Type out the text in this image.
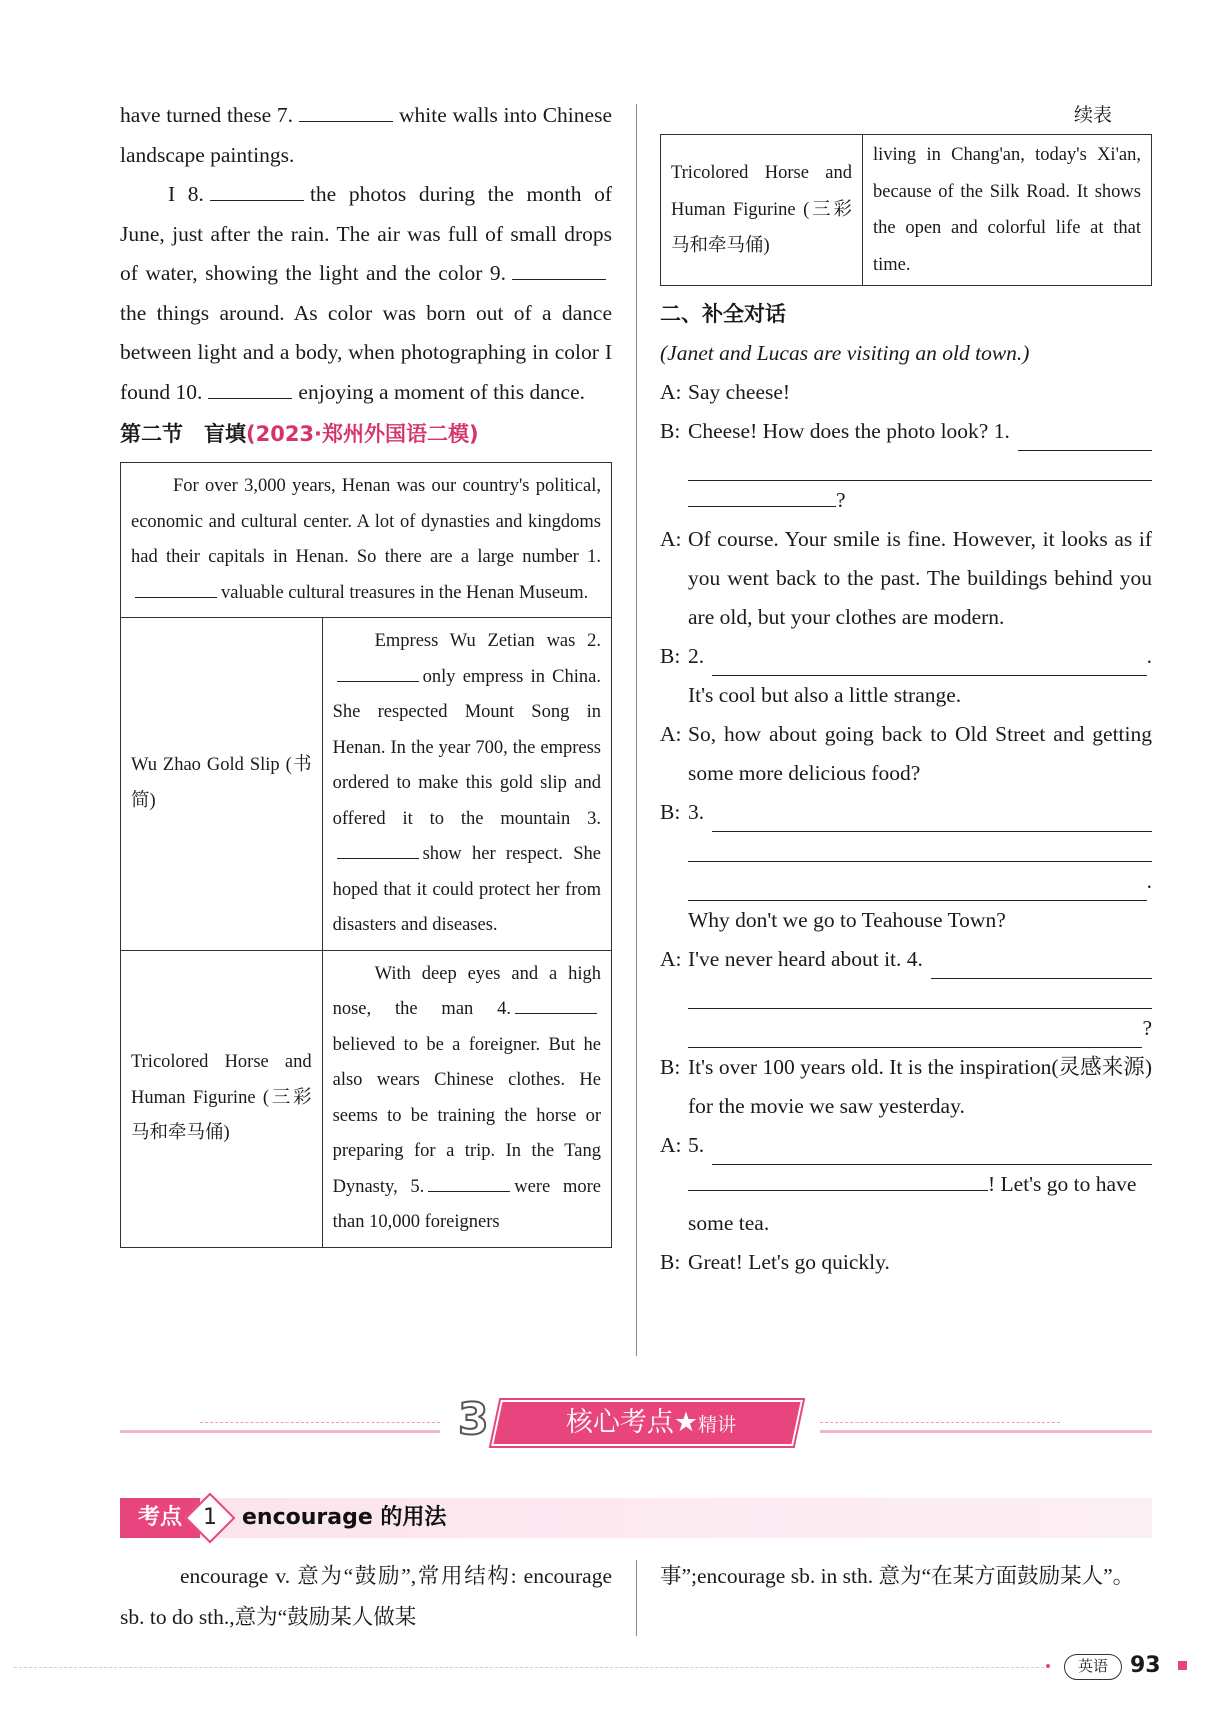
have turned these 7.	white walls into Chinese landscape paintings.

I 8.	the photos during the month of June, just after the rain. The air was full of small drops of water, showing the light and the color 9.the things around. As color was born out of a dance between light and a body, when photographing in color I found 10.	enjoying a moment of this dance.

第二节　盲填(2023·郑州外国语二模)
For over 3,000 years, Henan was our country's political, economic and cultural center. A lot of dynasties and kingdoms had their capitals in Henan. So there are a large number 1.valuable cultural treasures in the Henan Museum.	
Wu Zhao Gold Slip (书简)	Empress Wu Zetian was 2.only empress in China. She respected Mount Song in Henan. In the year 700, the empress ordered to make this gold slip and offered it to the mountain 3.show her respect. She hoped that it could protect her from disasters and diseases.
Tricolored Horse and Human Figurine (三彩马和牵马俑)	With deep eyes and a high nose, the man 4.believed to be a foreigner. But he also wears Chinese clothes. He seems to be training the horse or preparing for a trip. In the Tang Dynasty, 5. were more than 10,000 foreigners
续表
Tricolored Horse and Human Figurine (三彩马和牵马俑)	living in Chang'an, today's Xi'an, because of the Silk Road. It shows the open and colorful life at that time.
二、补全对话
(Janet and Lucas are visiting an old town.)
A: Say cheese!
B: Cheese! How does the photo look? 1.
?
A: Of course. Your smile is fine. However, it looks as if you went back to the past. The buildings behind you are old, but your clothes are modern.
B: 2.	.
It's cool but also a little strange.
A: So, how about going back to Old Street and getting some more delicious food?
B: 3.
.
Why don't we go to Teahouse Town?
A: I've never heard about it. 4.
?
B: It's over 100 years old. It is the inspiration(灵感来源) for the movie we saw yesterday.
A: 5.
! Let's go to have some tea.
B: Great! Let's go quickly.
3	核心考点★精讲
考点 1	encourage 的用法

encourage v. 意为“鼓励”,常用结构: encourage sb. to do sth.,意为“鼓励某人做某

事”;encourage sb. in sth. 意为“在某方面鼓励某人”。

英语	93
